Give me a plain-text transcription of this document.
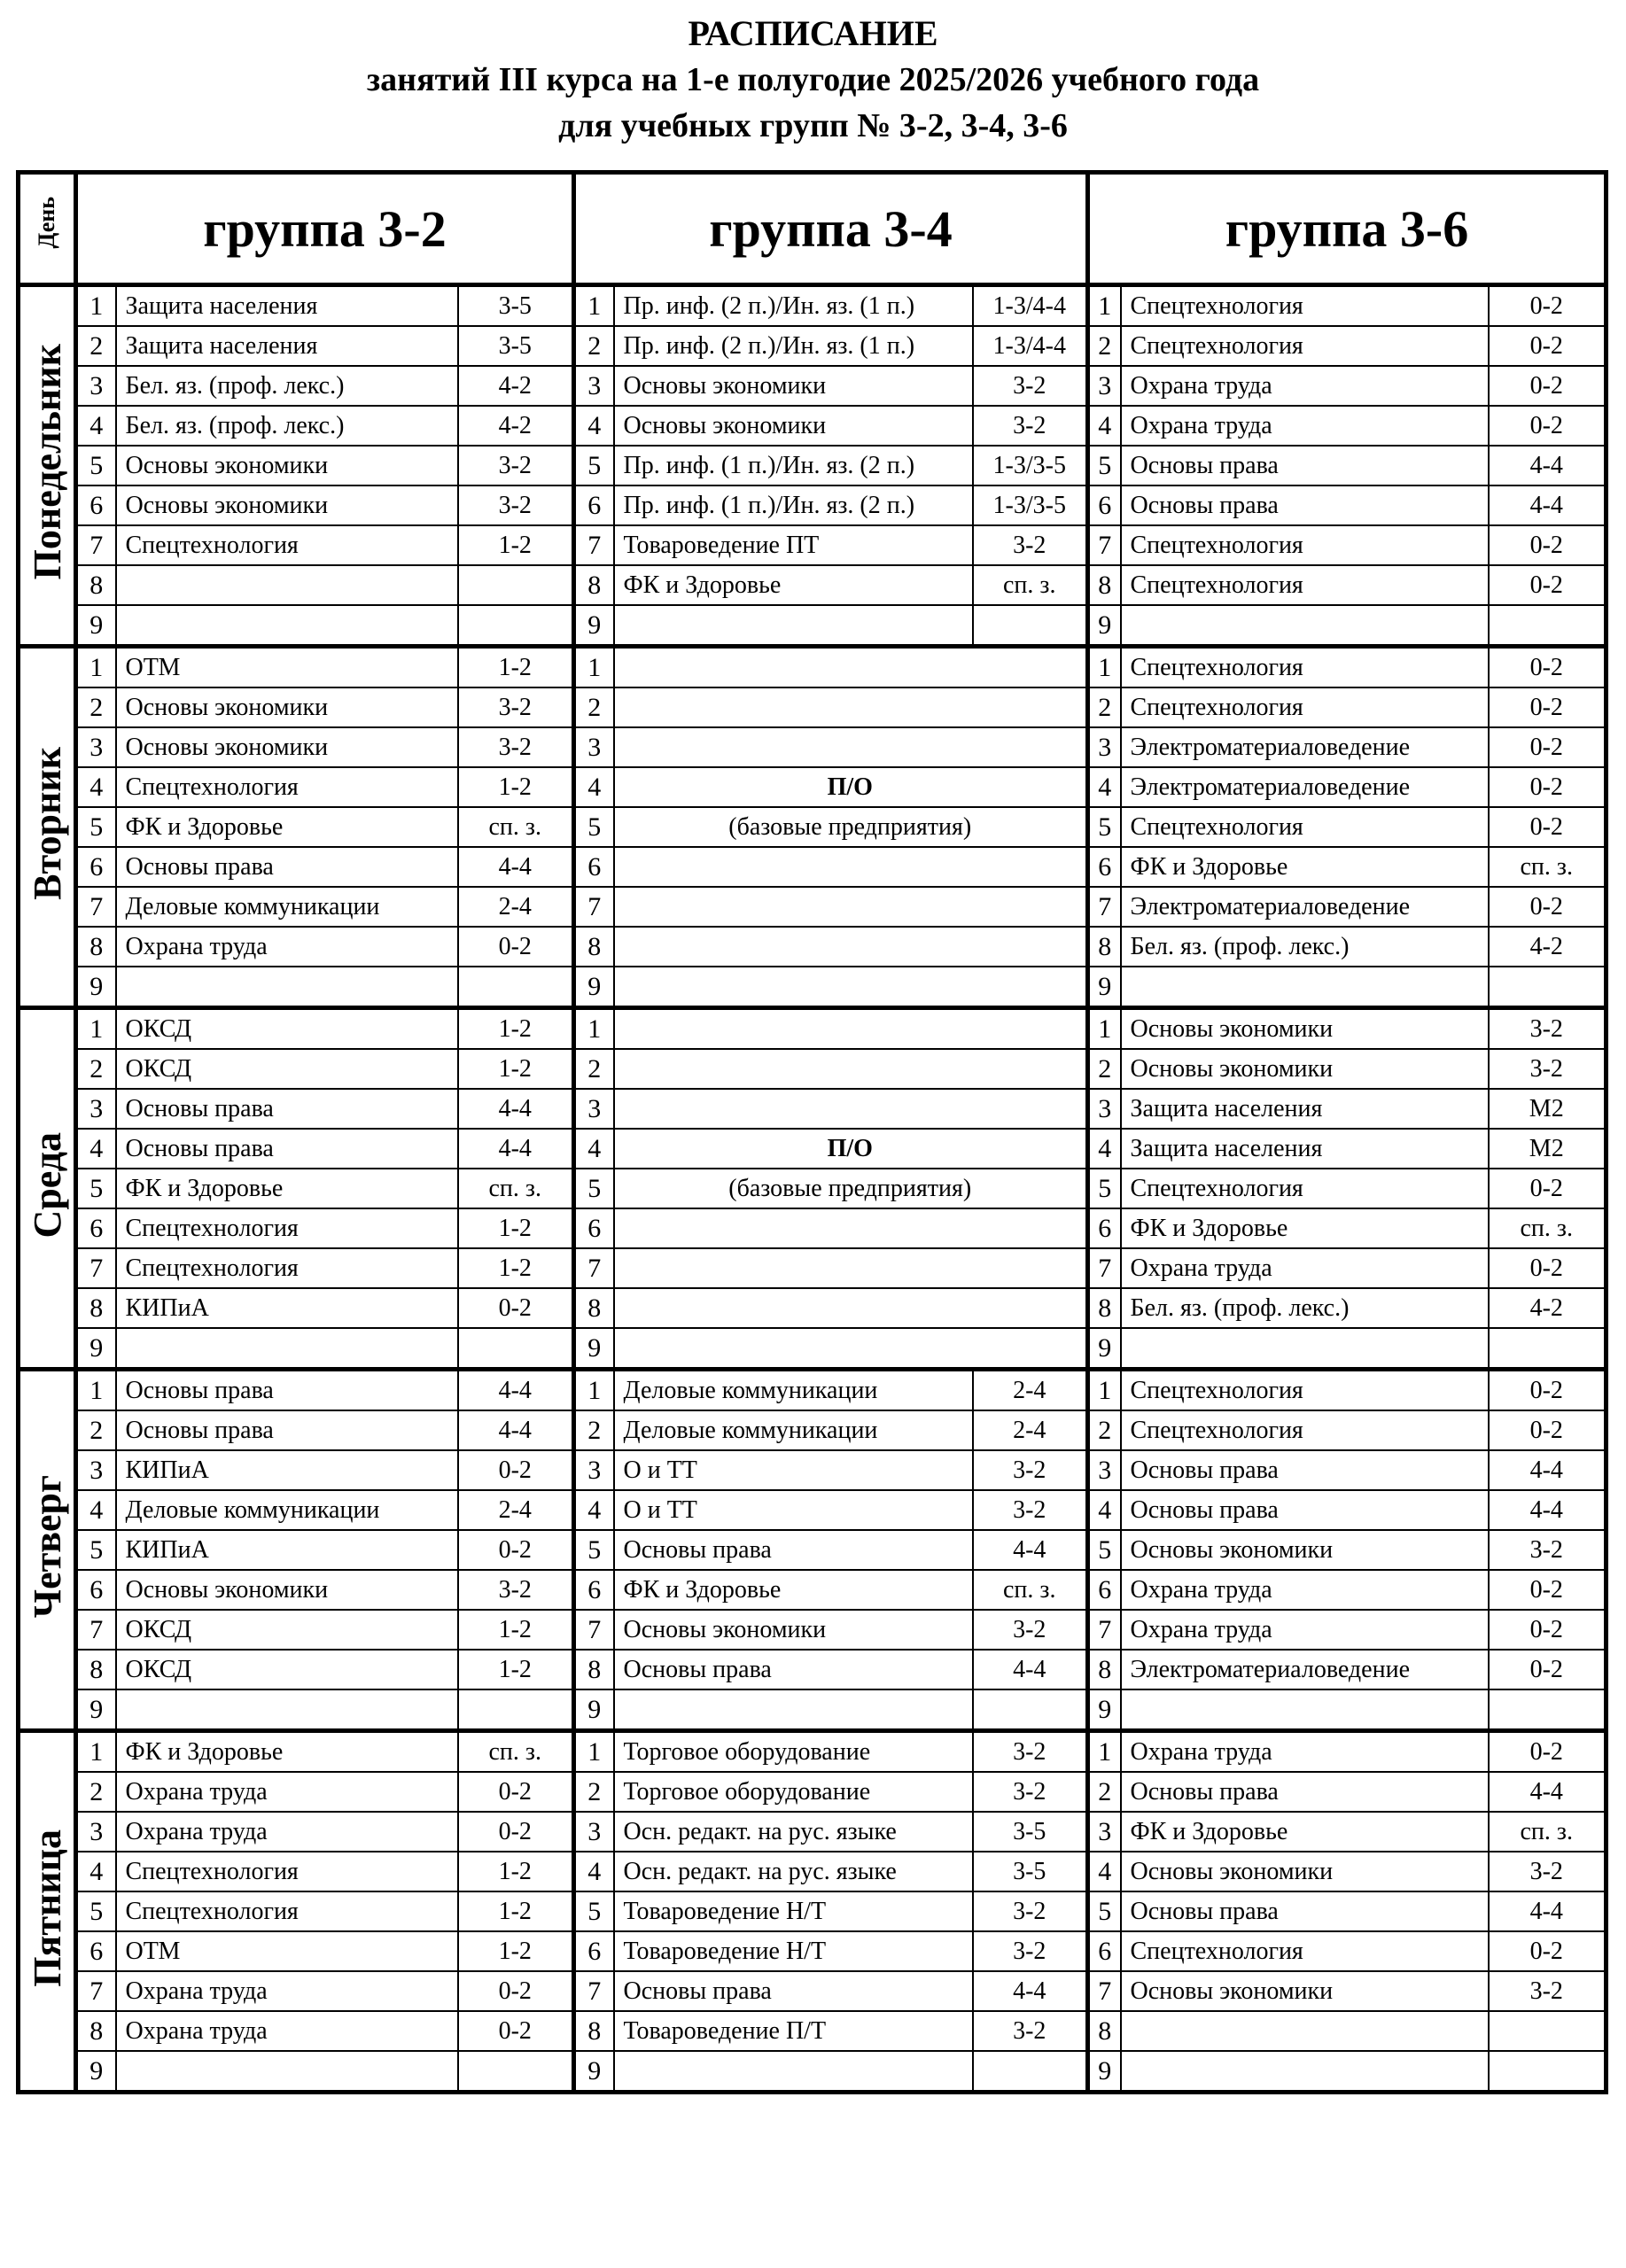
РАСПИСАНИЕ
занятий III курса на 1-е полугодие 2025/2026 учебного года
для учебных групп № 3-2, 3-4, 3-6
День	группа 3-2			группа 3-4			группа 3-6		
Понедельник	1	Защита населения	3-5	1	Пр. инф. (2 п.)/Ин. яз. (1 п.)	1-3/4-4	1	Спецтехнология	0-2
	2	Защита населения	3-5	2	Пр. инф. (2 п.)/Ин. яз. (1 п.)	1-3/4-4	2	Спецтехнология	0-2
	3	Бел. яз. (проф. лекс.)	4-2	3	Основы экономики	3-2	3	Охрана труда	0-2
	4	Бел. яз. (проф. лекс.)	4-2	4	Основы экономики	3-2	4	Охрана труда	0-2
	5	Основы экономики	3-2	5	Пр. инф. (1 п.)/Ин. яз. (2 п.)	1-3/3-5	5	Основы права	4-4
	6	Основы экономики	3-2	6	Пр. инф. (1 п.)/Ин. яз. (2 п.)	1-3/3-5	6	Основы права	4-4
	7	Спецтехнология	1-2	7	Товароведение ПТ	3-2	7	Спецтехнология	0-2
	8			8	ФК и Здоровье	сп. з.	8	Спецтехнология	0-2
	9			9			9		
Вторник	1	ОТМ	1-2	1			1	Спецтехнология	0-2
	2	Основы экономики	3-2	2			2	Спецтехнология	0-2
	3	Основы экономики	3-2	3			3	Электроматериаловедение	0-2
	4	Спецтехнология	1-2	4	П/О		4	Электроматериаловедение	0-2
	5	ФК и Здоровье	сп. з.	5	(базовые предприятия)		5	Спецтехнология	0-2
	6	Основы права	4-4	6			6	ФК и Здоровье	сп. з.
	7	Деловые коммуникации	2-4	7			7	Электроматериаловедение	0-2
	8	Охрана труда	0-2	8			8	Бел. яз. (проф. лекс.)	4-2
	9			9			9		
Среда	1	ОКСД	1-2	1			1	Основы экономики	3-2
	2	ОКСД	1-2	2			2	Основы экономики	3-2
	3	Основы права	4-4	3			3	Защита населения	М2
	4	Основы права	4-4	4	П/О		4	Защита населения	М2
	5	ФК и Здоровье	сп. з.	5	(базовые предприятия)		5	Спецтехнология	0-2
	6	Спецтехнология	1-2	6			6	ФК и Здоровье	сп. з.
	7	Спецтехнология	1-2	7			7	Охрана труда	0-2
	8	КИПиА	0-2	8			8	Бел. яз. (проф. лекс.)	4-2
	9			9			9		
Четверг	1	Основы права	4-4	1	Деловые коммуникации	2-4	1	Спецтехнология	0-2
	2	Основы права	4-4	2	Деловые коммуникации	2-4	2	Спецтехнология	0-2
	3	КИПиА	0-2	3	О и ТТ	3-2	3	Основы права	4-4
	4	Деловые коммуникации	2-4	4	О и ТТ	3-2	4	Основы права	4-4
	5	КИПиА	0-2	5	Основы права	4-4	5	Основы экономики	3-2
	6	Основы экономики	3-2	6	ФК и Здоровье	сп. з.	6	Охрана труда	0-2
	7	ОКСД	1-2	7	Основы экономики	3-2	7	Охрана труда	0-2
	8	ОКСД	1-2	8	Основы права	4-4	8	Электроматериаловедение	0-2
	9			9			9		
Пятница	1	ФК и Здоровье	сп. з.	1	Торговое оборудование	3-2	1	Охрана труда	0-2
	2	Охрана труда	0-2	2	Торговое оборудование	3-2	2	Основы права	4-4
	3	Охрана труда	0-2	3	Осн. редакт. на рус. языке	3-5	3	ФК и Здоровье	сп. з.
	4	Спецтехнология	1-2	4	Осн. редакт. на рус. языке	3-5	4	Основы экономики	3-2
	5	Спецтехнология	1-2	5	Товароведение Н/Т	3-2	5	Основы права	4-4
	6	ОТМ	1-2	6	Товароведение Н/Т	3-2	6	Спецтехнология	0-2
	7	Охрана труда	0-2	7	Основы права	4-4	7	Основы экономики	3-2
	8	Охрана труда	0-2	8	Товароведение П/Т	3-2	8		
	9			9			9		
